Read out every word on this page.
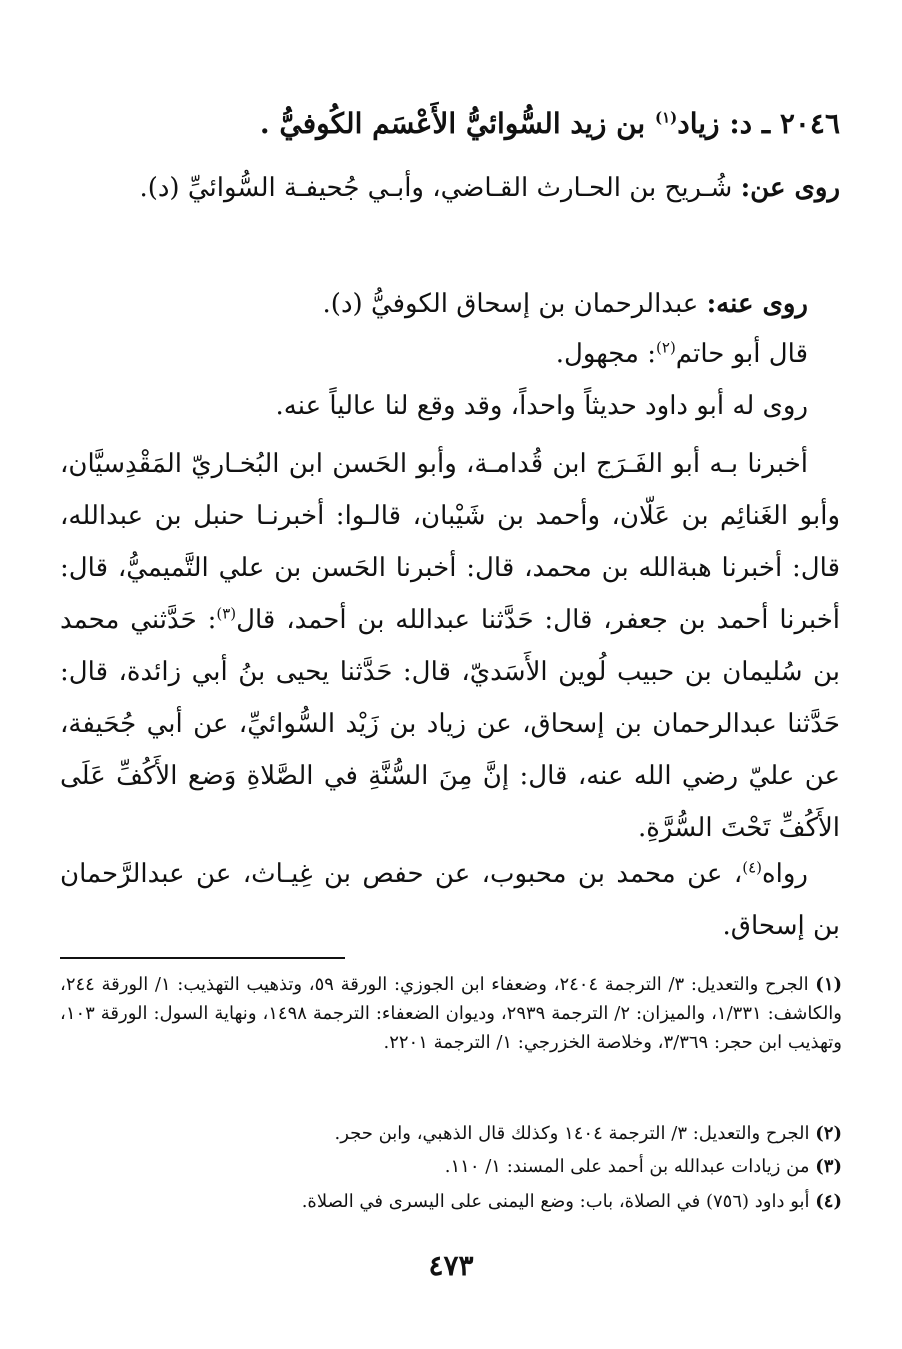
٢٠٤٦ ـ د: زياد$^{(١)}$ بن زيد السُّوائيُّ الأَعْسَم الكُوفيُّ .
روى عن: شُـريح بن الحـارث القـاضي، وأبـي جُحيفـة السُّوائيِّ (د).
روى عنه: عبدالرحمان بن إسحاق الكوفيُّ (د).
قال أبو حاتم$^{(٢)}$: مجهول.
روى له أبو داود حديثاً واحداً، وقد وقع لنا عالياً عنه.
أخبرنا بـه أبو الفَـرَج ابن قُدامـة، وأبو الحَسن ابن البُخـاريّ المَقْدِسيَّان، وأبو الغَنائِم بن عَلّان، وأحمد بن شَيْبان، قالـوا: أخبرنـا حنبل بن عبدالله، قال: أخبرنا هبةالله بن محمد، قال: أخبرنا الحَسن بن علي التَّميميُّ، قال: أخبرنا أحمد بن جعفر، قال: حَدَّثنا عبدالله بن أحمد، قال$^{(٣)}$: حَدَّثني محمد بن سُليمان بن حبيب لُوين الأَسَديّ، قال: حَدَّثنا يحيى بنُ أبي زائدة، قال: حَدَّثنا عبدالرحمان بن إسحاق، عن زياد بن زَيْد السُّوائيِّ، عن أبي جُحَيفة، عن عليّ رضي الله عنه، قال: إنَّ مِنَ السُّنَّةِ في الصَّلاةِ وَضع الأَكُفِّ عَلَى الأَكُفِّ تَحْتَ السُّرَّةِ.
رواه$^{(٤)}$، عن محمد بن محبوب، عن حفص بن غِيـاث، عن عبدالرَّحمان بن إسحاق.
(١) الجرح والتعديل: ٣/ الترجمة ٢٤٠٤، وضعفاء ابن الجوزي: الورقة ٥٩، وتذهيب التهذيب: ١/ الورقة ٢٤٤، والكاشف: ١/٣٣١، والميزان: ٢/ الترجمة ٢٩٣٩، وديوان الضعفاء: الترجمة ١٤٩٨، ونهاية السول: الورقة ١٠٣، وتهذيب ابن حجر: ٣/٣٦٩، وخلاصة الخزرجي: ١/ الترجمة ٢٢٠١.
(٢) الجرح والتعديل: ٣/ الترجمة ١٤٠٤ وكذلك قال الذهبي، وابن حجر.
(٣) من زيادات عبدالله بن أحمد على المسند: ١/ ١١٠.
(٤) أبو داود (٧٥٦) في الصلاة، باب: وضع اليمنى على اليسرى في الصلاة.
٤٧٣
